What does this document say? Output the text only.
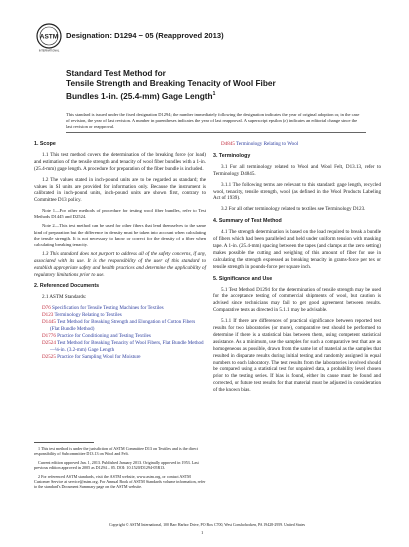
ASTM
INTERNATIONAL
Designation: D1294 − 05 (Reapproved 2013)
Standard Test Method for
Tensile Strength and Breaking Tenacity of Wool Fiber
Bundles 1-in. (25.4-mm) Gage Length$^1$
This standard is issued under the fixed designation D1294; the number immediately following the designation indicates the year of original adoption or, in the case of revision, the year of last revision. A number in parentheses indicates the year of last reapproval. A superscript epsilon (ε) indicates an editorial change since the last revision or reapproval.
1. Scope

1.1 This test method covers the determination of the breaking force (or load) and estimation of the tensile strength and tenacity of wool fiber bundles with a 1-in. (25.4-mm) gage length. A procedure for preparation of the fiber bundle is included.

1.2 The values stated in inch-pound units are to be regarded as standard; the values in SI units are provided for information only. Because the instrument is calibrated in inch-pound units, inch-pound units are shown first, contrary to Committee D13 policy.

Note 1—For other methods of procedure for testing wool fiber bundles, refer to Test Methods D1445 and D2524.

Note 2—This test method can be used for other fibers that lend themselves to the same kind of preparation but the difference in density must be taken into account when calculating the tensile strength. It is not necessary to know or correct for the density of a fiber when calculating breaking tenacity.

1.3 This standard does not purport to address all of the safety concerns, if any, associated with its use. It is the responsibility of the user of this standard to establish appropriate safety and health practices and determine the applicability of regulatory limitations prior to use.

2. Referenced Documents

2.1 ASTM Standards:

D76 Specification for Tensile Testing Machines for Textiles
D123 Terminology Relating to Textiles
D1445 Test Method for Breaking Strength and Elongation of Cotton Fibers (Flat Bundle Method)
D1776 Practice for Conditioning and Testing Textiles
D2524 Test Method for Breaking Tenacity of Wool Fibers, Flat Bundle Method—⅛-in. (3.2-mm) Gage Length
D2525 Practice for Sampling Wool for Moisture

1 This test method is under the jurisdiction of ASTM Committee D13 on Textiles and is the direct responsibility of Subcommittee D13.13 on Wool and Felt.

Current edition approved Jan. 1, 2013. Published January 2013. Originally approved in 1953. Last previous edition approved in 2005 as D1294 – 05. DOI: 10.1520/D1294-05R13.

2 For referenced ASTM standards, visit the ASTM website, www.astm.org, or contact ASTM Customer Service at service@astm.org. For Annual Book of ASTM Standards volume information, refer to the standard's Document Summary page on the ASTM website.

D4845 Terminology Relating to Wool
3. Terminology

3.1 For all terminology related to Wool and Wool Felt, D13.13, refer to Terminology D4845.

3.1.1 The following terms are relevant to this standard: gage length, recycled wool, tenacity, tensile strength, wool (as defined in the Wool Products Labeling Act of 1939).

3.2 For all other terminology related to textiles see Terminology D123.

4. Summary of Test Method

4.1 The strength determination is based on the load required to break a bundle of fibers which had been paralleled and held under uniform tension with masking tape. A 1-in. (25.4-mm) spacing between the tapes (and clamps at the zero setting) makes possible the cutting and weighing of this amount of fiber for use in calculating the strength expressed as breaking tenacity in grams-force per tex or tensile strength in pounds-force per square inch.

5. Significance and Use

5.1 Test Method D1294 for the determination of tensile strength may be used for the acceptance testing of commercial shipments of wool, but caution is advised since technicians may fail to get good agreement between results. Comparative tests as directed in 5.1.1 may be advisable.

5.1.1 If there are differences of practical significance between reported test results for two laboratories (or more), comparative test should be performed to determine if there is a statistical bias between them, using competent statistical assistance. As a minimum, use the samples for such a comparative test that are as homogeneous as possible, drawn from the same lot of material as the samples that resulted in disparate results during initial testing and randomly assigned in equal numbers to each laboratory. The test results from the laboratories involved should be compared using a statistical test for unpaired data, a probability level chosen prior to the testing series. If bias is found, either its cause must be found and corrected, or future test results for that material must be adjusted in consideration of the known bias.

Copyright © ASTM International, 100 Barr Harbor Drive, PO Box C700, West Conshohocken, PA 19428-2959. United States
1
